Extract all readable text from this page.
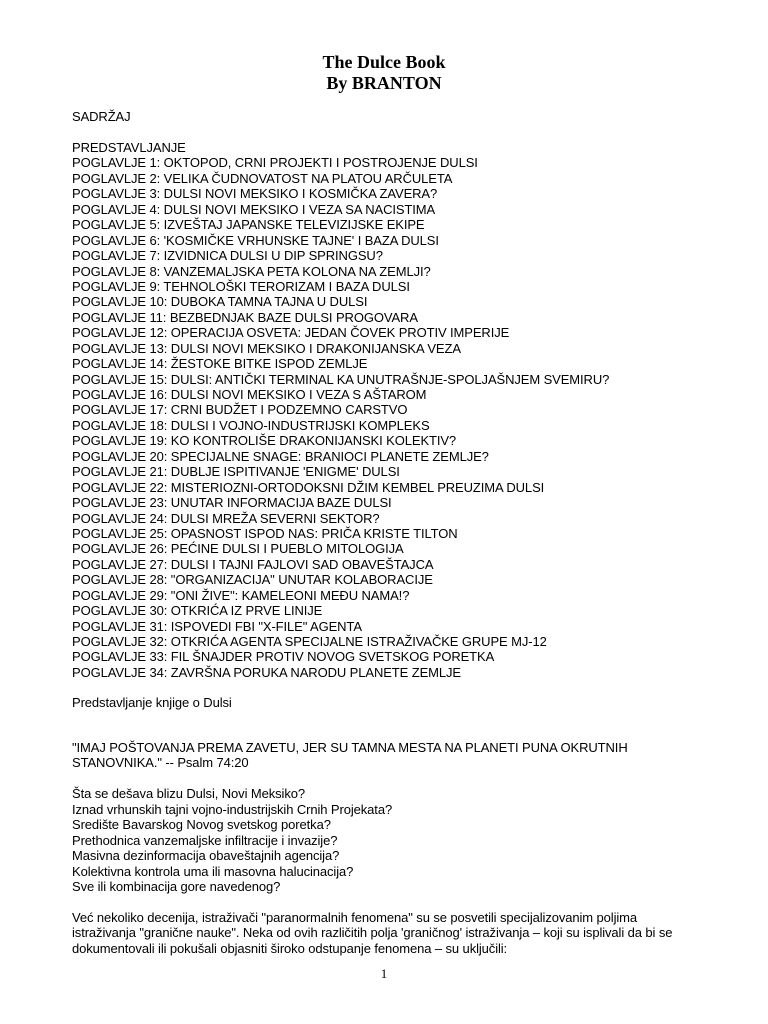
The Dulce Book
By BRANTON
SADRŽAJ
PREDSTAVLJANJE
POGLAVLJE 1: OKTOPOD, CRNI PROJEKTI I POSTROJENJE DULSI
POGLAVLJE 2: VELIKA ČUDNOVATOST NA PLATOU ARČULETA
POGLAVLJE 3: DULSI NOVI MEKSIKO I KOSMIČKA ZAVERA?
POGLAVLJE 4: DULSI NOVI MEKSIKO I VEZA SA NACISTIMA
POGLAVLJE 5: IZVEŠTAJ JAPANSKE TELEVIZIJSKE EKIPE
POGLAVLJE 6: 'KOSMIČKE VRHUNSKE TAJNE' I BAZA DULSI
POGLAVLJE 7: IZVIDNICA DULSI U DIP SPRINGSU?
POGLAVLJE 8: VANZEMALJSKA PETA KOLONA NA ZEMLJI?
POGLAVLJE 9: TEHNOLOŠKI TERORIZAM I BAZA DULSI
POGLAVLJE 10: DUBOKA TAMNA TAJNA U DULSI
POGLAVLJE 11: BEZBEDNJAK BAZE DULSI PROGOVARA
POGLAVLJE 12: OPERACIJA OSVETA: JEDAN ČOVEK PROTIV IMPERIJE
POGLAVLJE 13: DULSI NOVI MEKSIKO I DRAKONIJANSKA VEZA
POGLAVLJE 14: ŽESTOKE BITKE ISPOD ZEMLJE
POGLAVLJE 15: DULSI: ANTIČKI TERMINAL KA UNUTRAŠNJE-SPOLJAŠNJEM SVEMIRU?
POGLAVLJE 16: DULSI NOVI MEKSIKO I VEZA S AŠTAROM
POGLAVLJE 17: CRNI BUDŽET I PODZEMNO CARSTVO
POGLAVLJE 18: DULSI I VOJNO-INDUSTRIJSKI KOMPLEKS
POGLAVLJE 19: KO KONTROLIŠE DRAKONIJANSKI KOLEKTIV?
POGLAVLJE 20: SPECIJALNE SNAGE: BRANIOCI PLANETE ZEMLJE?
POGLAVLJE 21: DUBLJE ISPITIVANJE 'ENIGME' DULSI
POGLAVLJE 22: MISTERIOZNI-ORTODOKSNI DŽIM KEMBEL PREUZIMA DULSI
POGLAVLJE 23: UNUTAR INFORMACIJA BAZE DULSI
POGLAVLJE 24: DULSI MREŽA SEVERNI SEKTOR?
POGLAVLJE 25: OPASNOST ISPOD NAS: PRIČA KRISTE TILTON
POGLAVLJE 26: PEĆINE DULSI I PUEBLO MITOLOGIJA
POGLAVLJE 27: DULSI I TAJNI FAJLOVI SAD OBAVEŠTAJCA
POGLAVLJE 28: "ORGANIZACIJA" UNUTAR KOLABORACIJE
POGLAVLJE 29: "ONI ŽIVE": KAMELEONI MEĐU NAMA!?
POGLAVLJE 30: OTKRIĆA IZ PRVE LINIJE
POGLAVLJE 31: ISPOVEDI FBI "X-FILE" AGENTA
POGLAVLJE 32: OTKRIĆA AGENTA SPECIJALNE ISTRAŽIVAČKE GRUPE MJ-12
POGLAVLJE 33: FIL ŠNAJDER PROTIV NOVOG SVETSKOG PORETKA
POGLAVLJE 34: ZAVRŠNA PORUKA NARODU PLANETE ZEMLJE
Predstavljanje knjige o Dulsi
"IMAJ POŠTOVANJA PREMA ZAVETU, JER SU TAMNA MESTA NA PLANETI PUNA OKRUTNIH STANOVNIKA." -- Psalm 74:20
Šta se dešava blizu Dulsi, Novi Meksiko?
Iznad vrhunskih tajni vojno-industrijskih Crnih Projekata?
Središte Bavarskog Novog svetskog poretka?
Prethodnica vanzemaljske infiltracije i invazije?
Masivna dezinformacija obaveštajnih agencija?
Kolektivna kontrola uma ili masovna halucinacija?
Sve ili kombinacija gore navedenog?
Već nekoliko decenija, istraživači "paranormalnih fenomena" su se posvetili specijalizovanim poljima istraživanja "granične nauke". Neka od ovih različitih polja 'graničnog' istraživanja – koji su isplivali da bi se dokumentovali ili pokušali objasniti široko odstupanje fenomena – su uključili:
1
